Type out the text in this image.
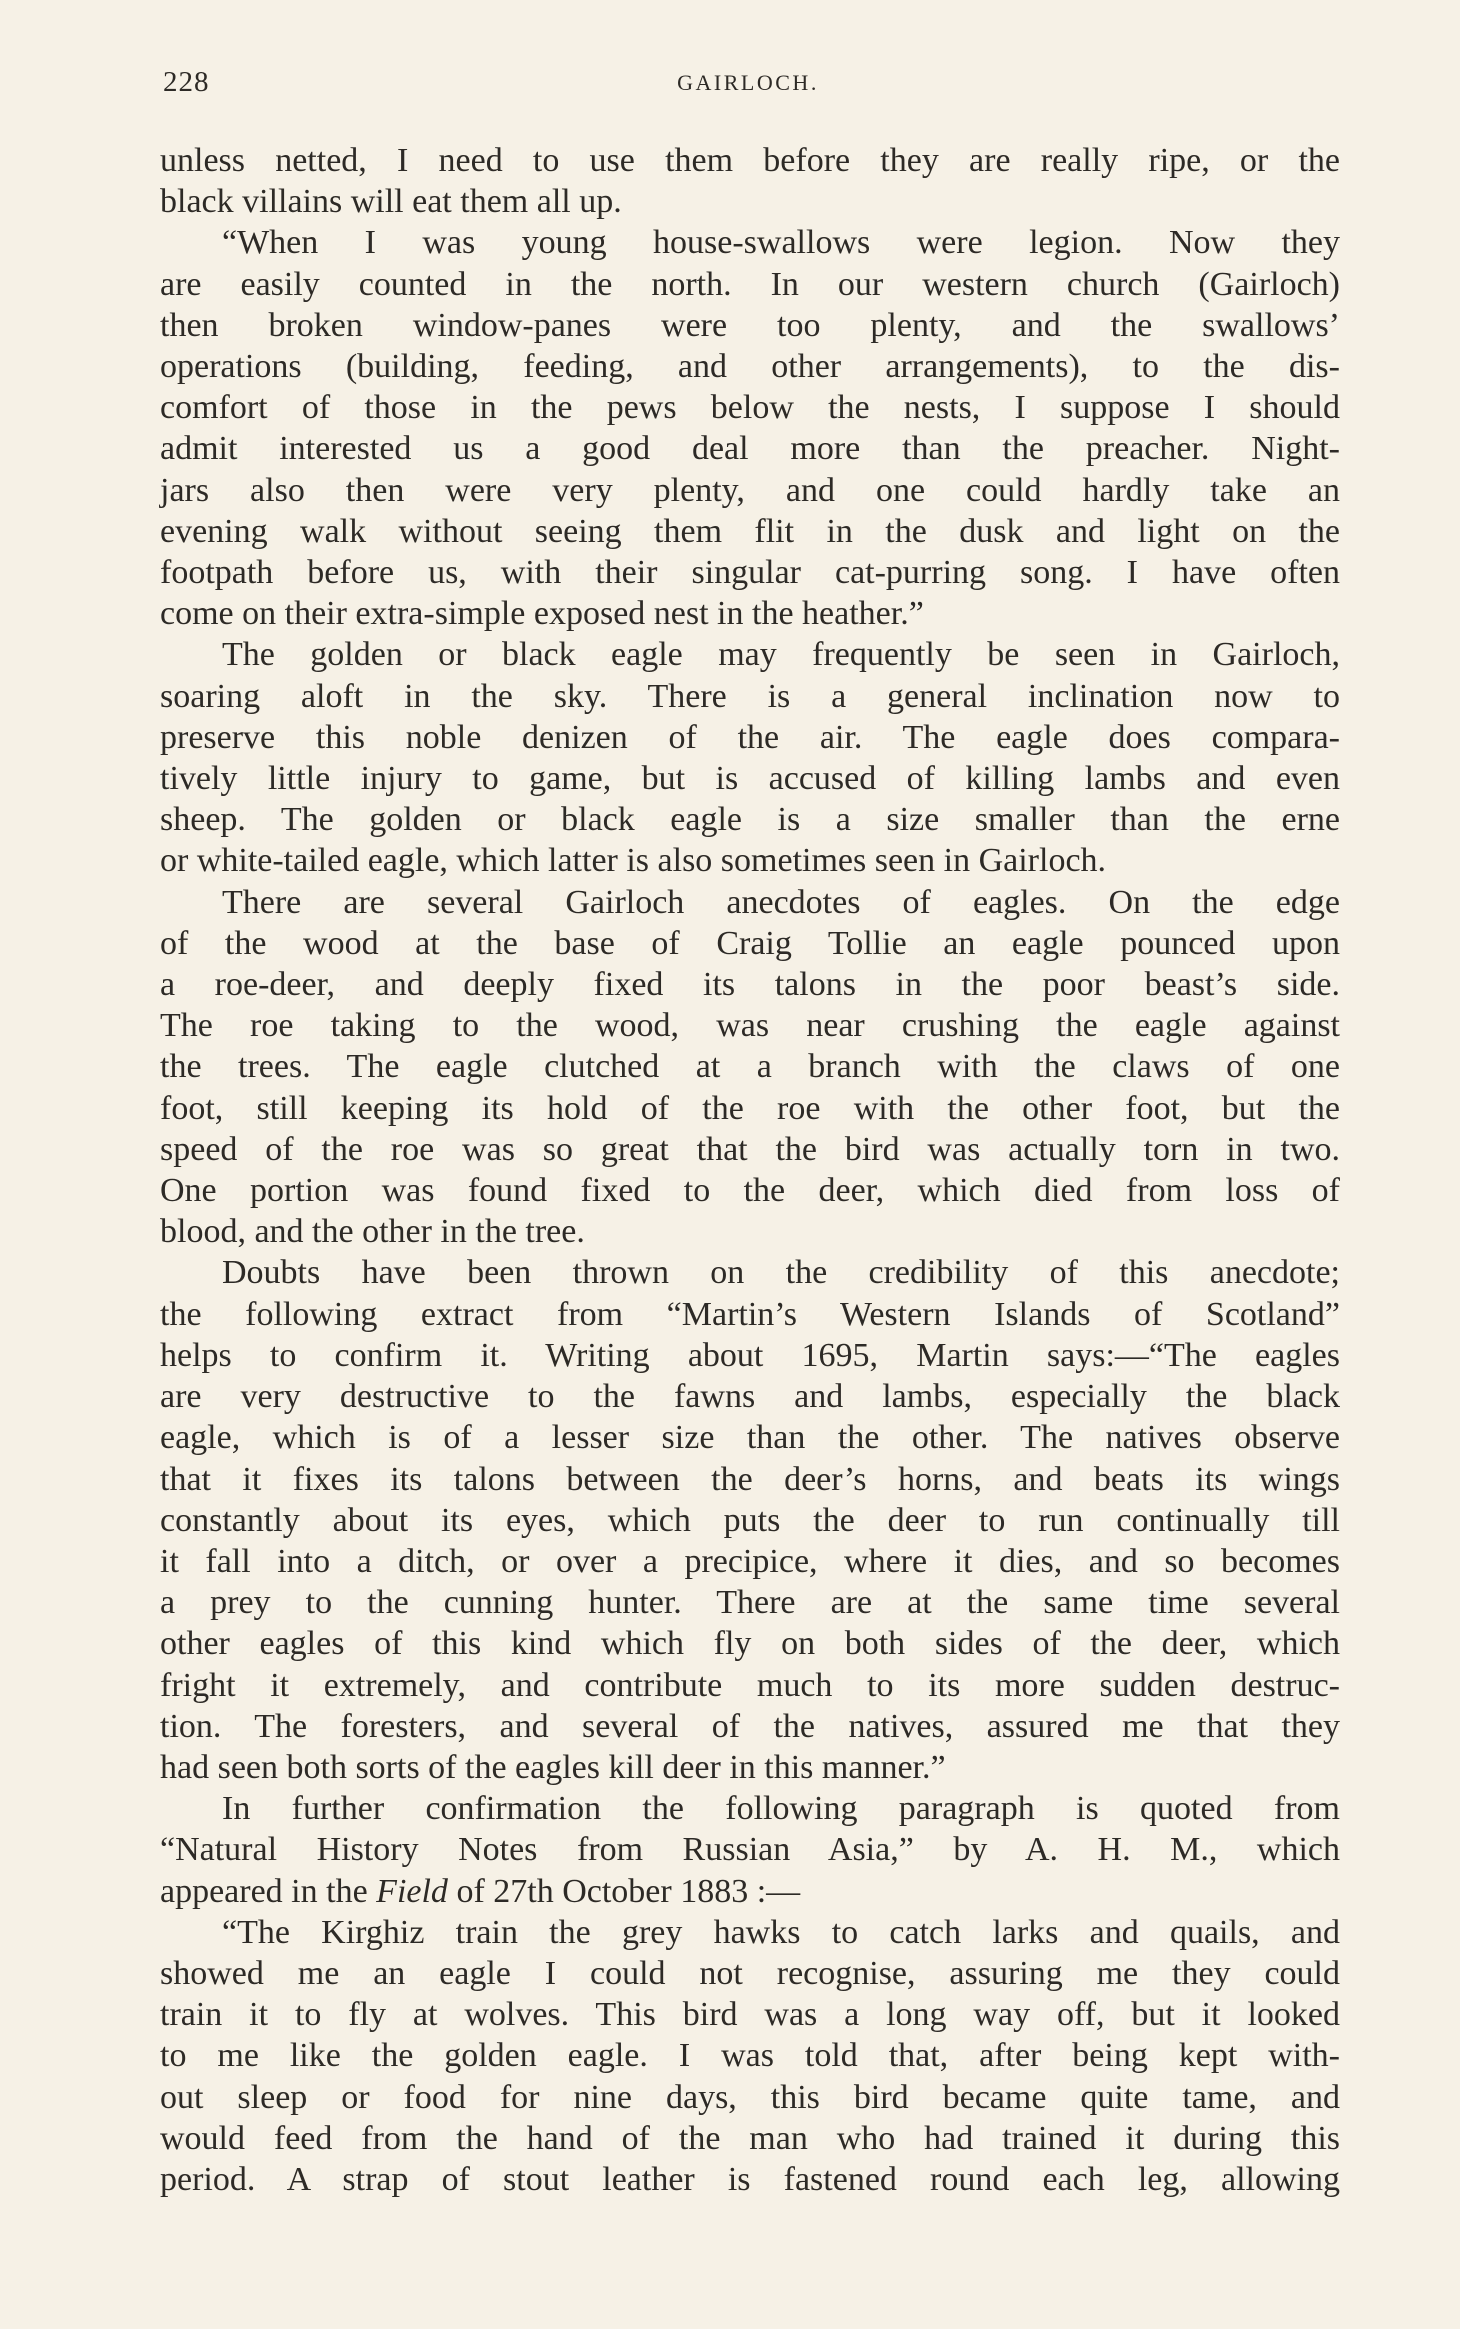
228	GAIRLOCH.

unless netted, I need to use them before they are really ripe, or the
black villains will eat them all up.

“When I was young house-swallows were legion. Now they
are easily counted in the north. In our western church (Gairloch)
then broken window-panes were too plenty, and the swallows’
operations (building, feeding, and other arrangements), to the dis-
comfort of those in the pews below the nests, I suppose I should
admit interested us a good deal more than the preacher. Night-
jars also then were very plenty, and one could hardly take an
evening walk without seeing them flit in the dusk and light on the
footpath before us, with their singular cat-purring song. I have often
come on their extra-simple exposed nest in the heather.”

The golden or black eagle may frequently be seen in Gairloch,
soaring aloft in the sky. There is a general inclination now to
preserve this noble denizen of the air. The eagle does compara-
tively little injury to game, but is accused of killing lambs and even
sheep. The golden or black eagle is a size smaller than the erne
or white-tailed eagle, which latter is also sometimes seen in Gairloch.

There are several Gairloch anecdotes of eagles. On the edge
of the wood at the base of Craig Tollie an eagle pounced upon
a roe-deer, and deeply fixed its talons in the poor beast’s side.
The roe taking to the wood, was near crushing the eagle against
the trees. The eagle clutched at a branch with the claws of one
foot, still keeping its hold of the roe with the other foot, but the
speed of the roe was so great that the bird was actually torn in two.
One portion was found fixed to the deer, which died from loss of
blood, and the other in the tree.

Doubts have been thrown on the credibility of this anecdote;
the following extract from “Martin’s Western Islands of Scotland”
helps to confirm it. Writing about 1695, Martin says:—“The eagles
are very destructive to the fawns and lambs, especially the black
eagle, which is of a lesser size than the other. The natives observe
that it fixes its talons between the deer’s horns, and beats its wings
constantly about its eyes, which puts the deer to run continually till
it fall into a ditch, or over a precipice, where it dies, and so becomes
a prey to the cunning hunter. There are at the same time several
other eagles of this kind which fly on both sides of the deer, which
fright it extremely, and contribute much to its more sudden destruc-
tion. The foresters, and several of the natives, assured me that they
had seen both sorts of the eagles kill deer in this manner.”

In further confirmation the following paragraph is quoted from
“Natural History Notes from Russian Asia,” by A. H. M., which
appeared in the Field of 27th October 1883 :—

“The Kirghiz train the grey hawks to catch larks and quails, and
showed me an eagle I could not recognise, assuring me they could
train it to fly at wolves. This bird was a long way off, but it looked
to me like the golden eagle. I was told that, after being kept with-
out sleep or food for nine days, this bird became quite tame, and
would feed from the hand of the man who had trained it during this
period. A strap of stout leather is fastened round each leg, allowing
